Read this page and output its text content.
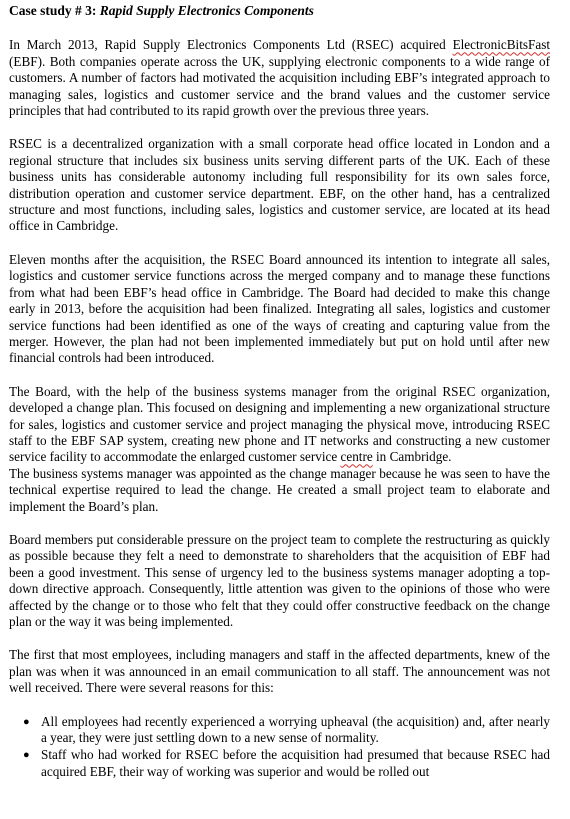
Case study # 3: Rapid Supply Electronics Components

In March 2013, Rapid Supply Electronics Components Ltd (RSEC) acquired ElectronicBitsFast (EBF). Both companies operate across the UK, supplying electronic components to a wide range of customers. A number of factors had motivated the acquisition including EBF’s integrated approach to managing sales, logistics and customer service and the brand values and the customer service principles that had contributed to its rapid growth over the previous three years.

RSEC is a decentralized organization with a small corporate head office located in London and a regional structure that includes six business units serving different parts of the UK. Each of these business units has considerable autonomy including full responsibility for its own sales force, distribution operation and customer service department. EBF, on the other hand, has a centralized structure and most functions, including sales, logistics and customer service, are located at its head office in Cambridge.

Eleven months after the acquisition, the RSEC Board announced its intention to integrate all sales, logistics and customer service functions across the merged company and to manage these functions from what had been EBF’s head office in Cambridge. The Board had decided to make this change early in 2013, before the acquisition had been finalized. Integrating all sales, logistics and customer service functions had been identified as one of the ways of creating and capturing value from the merger. However, the plan had not been implemented immediately but put on hold until after new financial controls had been introduced.

The Board, with the help of the business systems manager from the original RSEC organization, developed a change plan. This focused on designing and implementing a new organizational structure for sales, logistics and customer service and project managing the physical move, introducing RSEC staff to the EBF SAP system, creating new phone and IT networks and constructing a new customer service facility to accommodate the enlarged customer service centre in Cambridge.

The business systems manager was appointed as the change manager because he was seen to have the technical expertise required to lead the change. He created a small project team to elaborate and implement the Board’s plan.

Board members put considerable pressure on the project team to complete the restructuring as quickly as possible because they felt a need to demonstrate to shareholders that the acquisition of EBF had been a good investment. This sense of urgency led to the business systems manager adopting a top-down directive approach. Consequently, little attention was given to the opinions of those who were affected by the change or to those who felt that they could offer constructive feedback on the change plan or the way it was being implemented.

The first that most employees, including managers and staff in the affected departments, knew of the plan was when it was announced in an email communication to all staff. The announcement was not well received. There were several reasons for this:

● All employees had recently experienced a worrying upheaval (the acquisition) and, after nearly a year, they were just settling down to a new sense of normality.
● Staff who had worked for RSEC before the acquisition had presumed that because RSEC had acquired EBF, their way of working was superior and would be rolled out
